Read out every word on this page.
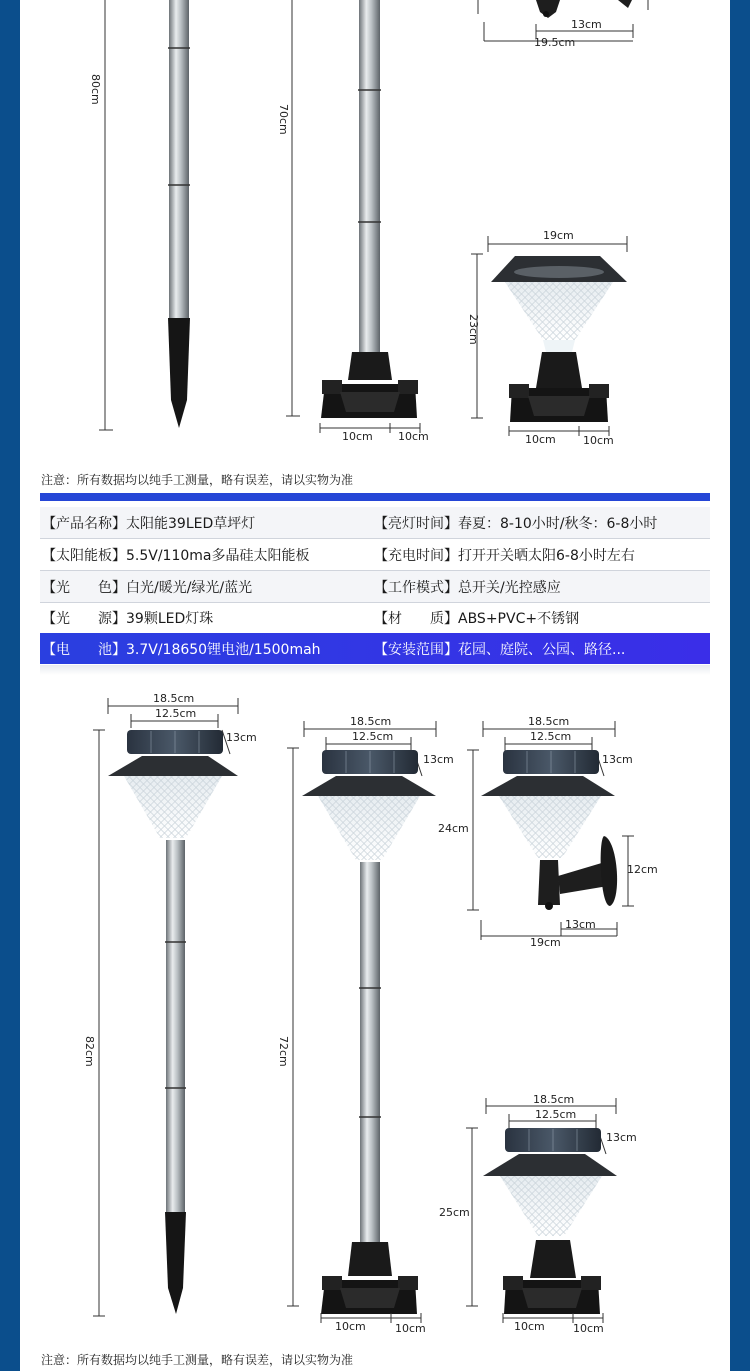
80cm
70cm
13cm
19.5cm
19cm
23cm
10cm 10cm	10cm 10cm
注意：所有数据均以纯手工测量，略有误差，请以实物为准
【产品名称】太阳能39LED草坪灯	【亮灯时间】春夏：8-10小时/秋冬：6-8小时
【太阳能板】5.5V/110ma多晶硅太阳能板	【充电时间】打开开关晒太阳6-8小时左右
【光　　色】白光/暖光/绿光/蓝光	【工作模式】总开关/光控感应
【光　　源】39颗LED灯珠	【材　　质】ABS+PVC+不锈钢
【电　　池】3.7V/18650锂电池/1500mah	【安装范围】花园、庭院、公园、路径...
18.5cm
12.5cm
13cm
82cm
18.5cm
12.5cm
13cm
72cm
10cm	10cm
18.5cm
12.5cm
13cm
24cm
12cm
13cm
19cm
18.5cm
12.5cm
13cm
25cm
10cm	10cm
注意：所有数据均以纯手工测量，略有误差，请以实物为准
